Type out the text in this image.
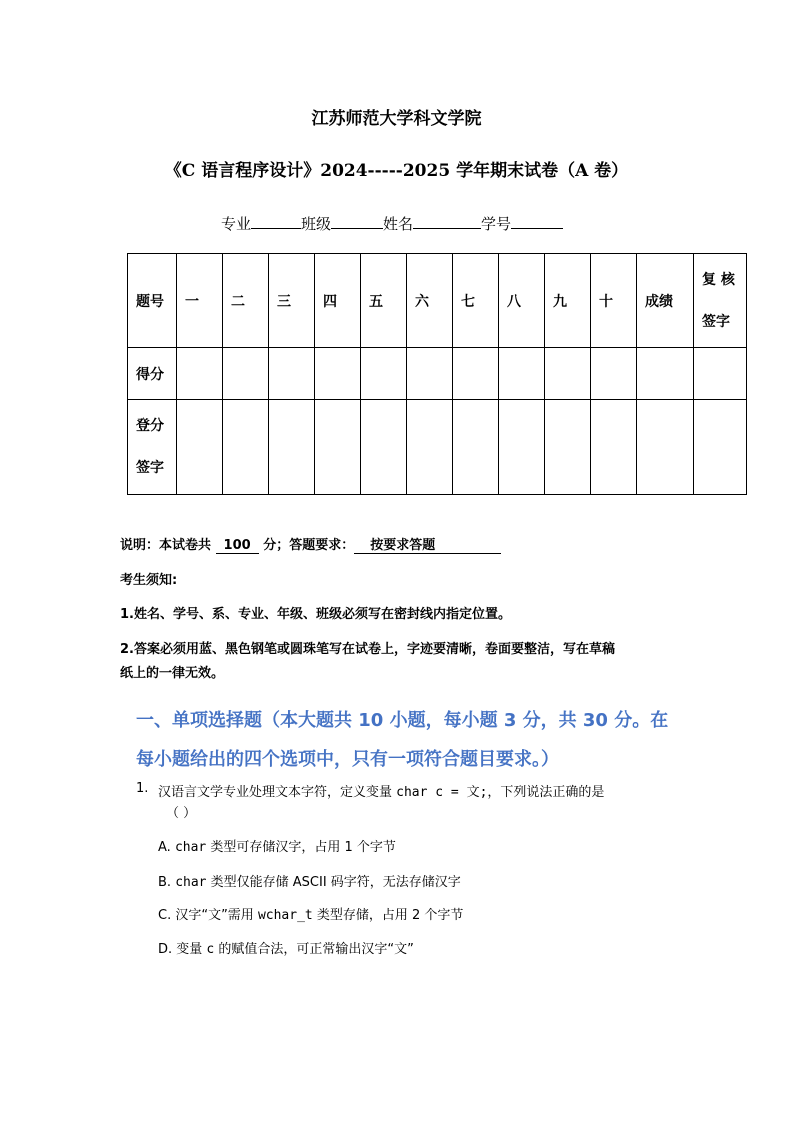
江苏师范大学科文学院
《C 语言程序设计》2024-----2025 学年期末试卷（A 卷）
专业	班级	姓名	学号
题号	一	二	三	四	五	六	七	八	九	十	成绩	复 核
签字

得分												

登分
签字												

说明：本试卷共 100 分；答题要求： 按要求答题
考生须知:
1.姓名、学号、系、专业、年级、班级必须写在密封线内指定位置。
2.答案必须用蓝、黑色钢笔或圆珠笔写在试卷上，字迹要清晰，卷面要整洁，写在草稿
纸上的一律无效。
一、单项选择题（本大题共 10 小题，每小题 3 分，共 30 分。在
每小题给出的四个选项中，只有一项符合题目要求。）
1. 汉语言文学专业处理文本字符，定义变量 char c = 文;，下列说法正确的是
（ ）
A. char 类型可存储汉字，占用 1 个字节
B. char 类型仅能存储 ASCII 码字符，无法存储汉字
C. 汉字“文”需用 wchar_t 类型存储，占用 2 个字节
D. 变量 c 的赋值合法，可正常输出汉字“文”
